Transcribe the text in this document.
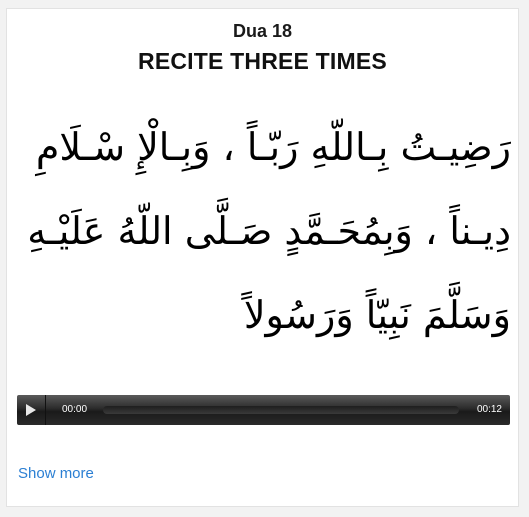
Dua 18
RECITE THREE TIMES
رَضِيـتُ بِـاللّهِ رَبّـاً ، وَبِـالْإِ سْـلَامِ
دِيـناً ، وَبِمُحَـمَّدٍ صَـلَّى اللّهُ عَلَيْـهِ
وَسَلَّمَ نَبِيّاً وَرَسُولاً
00:00	00:12
Show more
